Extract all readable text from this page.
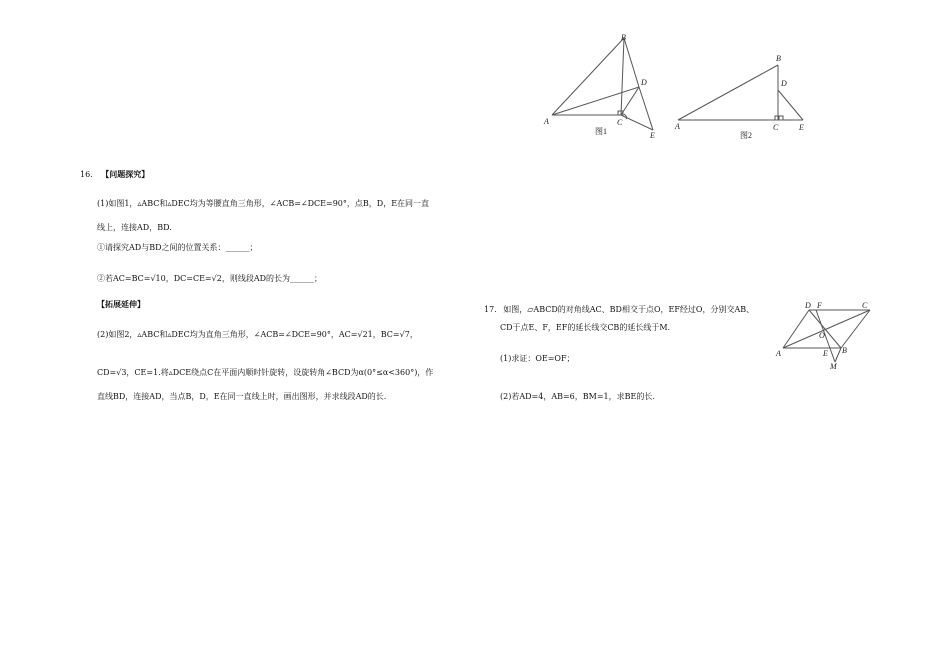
B
A	C
D
E
图1
B
D
A	C	E
图2
D F	C
O
A	E B
M
16. 【问题探究】
(1)如图1，▵ABC和▵DEC均为等腰直角三角形，∠ACB=∠DCE=90°，点B，D，E在同一直
线上，连接AD，BD.
①请探究AD与BD之间的位置关系：______；
②若AC=BC=√10，DC=CE=√2，则线段AD的长为______；
【拓展延伸】
(2)如图2，▵ABC和▵DEC均为直角三角形，∠ACB=∠DCE=90°，AC=√21，BC=√7，
CD=√3，CE=1.将▵DCE绕点C在平面内顺时针旋转，设旋转角∠BCD为α(0°≤α<360°)，作
直线BD，连接AD，当点B，D，E在同一直线上时，画出图形，并求线段AD的长.
17. 如图，▱ABCD的对角线AC、BD相交于点O，EF经过O，分别交AB、
CD于点E、F，EF的延长线交CB的延长线于M.
(1)求证：OE=OF；
(2)若AD=4，AB=6，BM=1，求BE的长.
